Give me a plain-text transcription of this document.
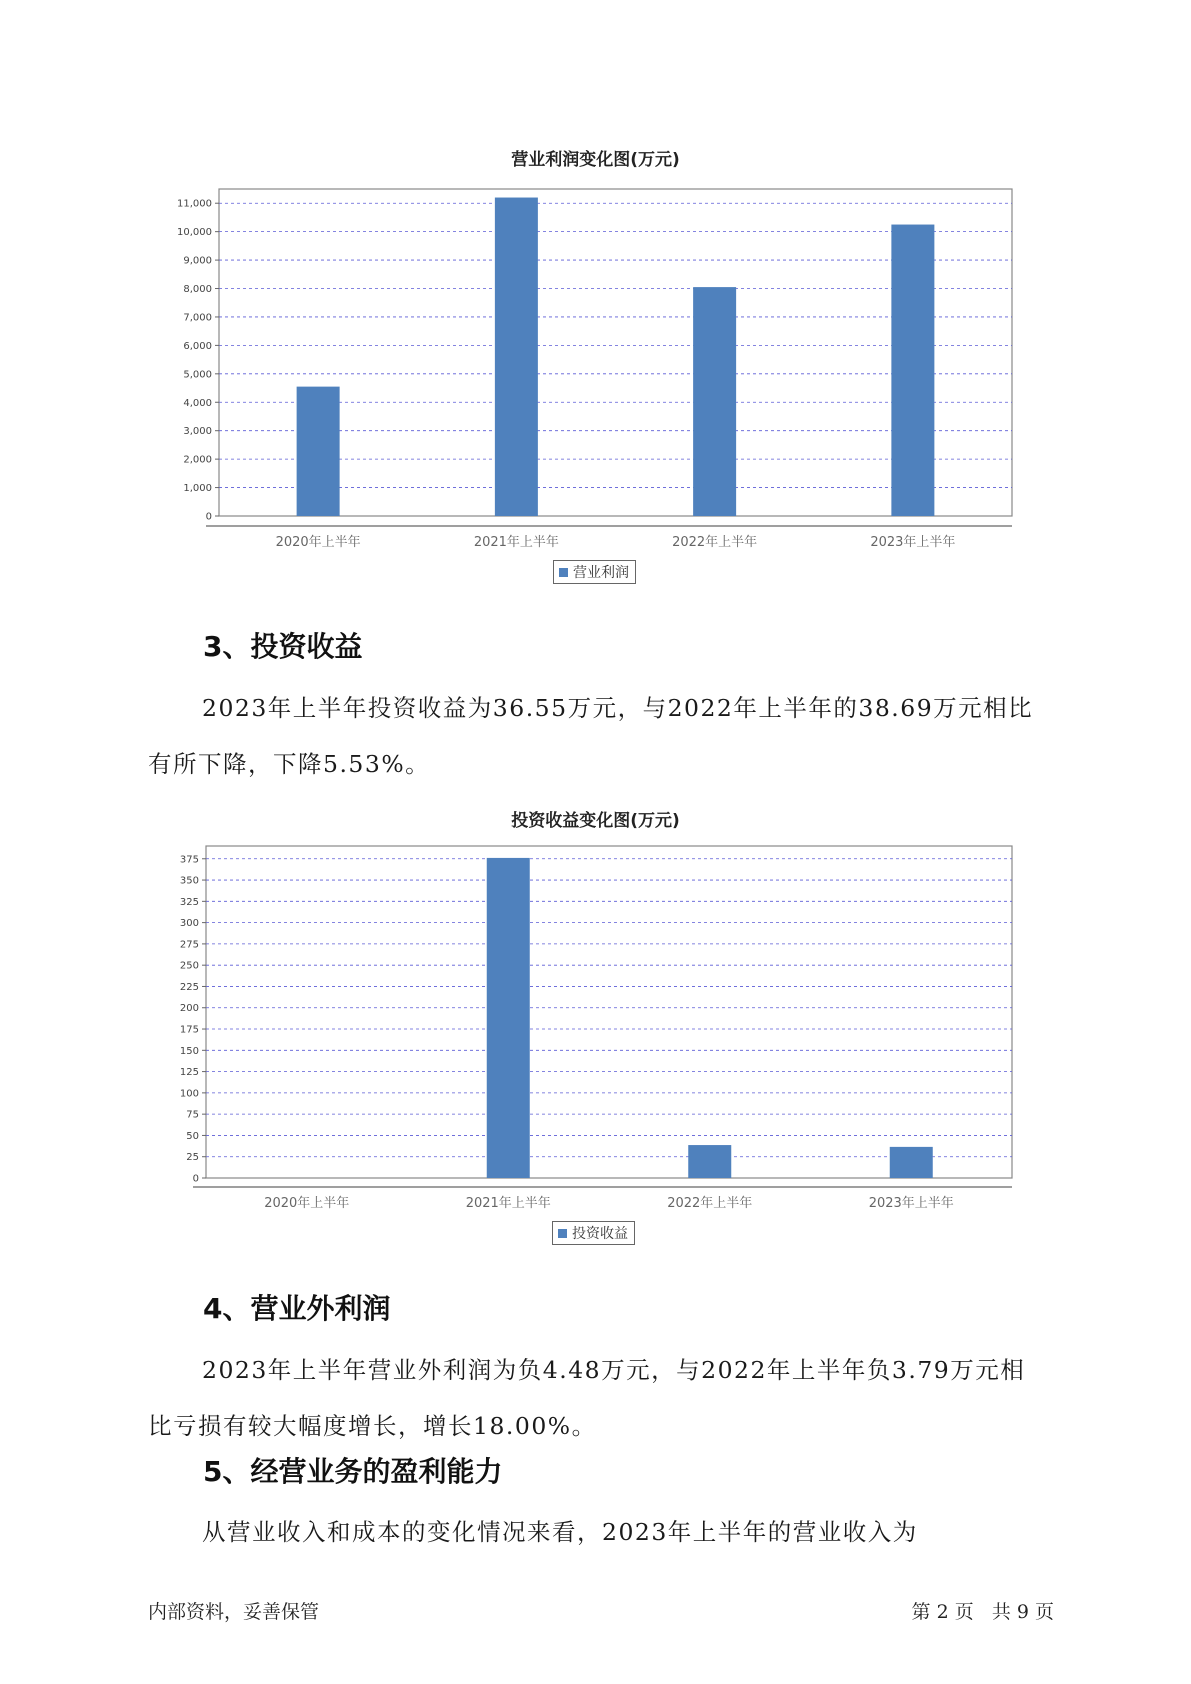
营业利润变化图(万元)
0
1,000
2,000
3,000
4,000
5,000
6,000
7,000
8,000
9,000
10,000
11,000
2020年上半年	2021年上半年	2022年上半年	2023年上半年
营业利润
3、投资收益

2023年上半年投资收益为36.55万元，与2022年上半年的38.69万元相比有所下降，下降5.53%。

投资收益变化图(万元)
0
25
50
75
100
125
150
175
200
225
250
275
300
325
350
375
2020年上半年	2021年上半年	2022年上半年	2023年上半年
投资收益
4、营业外利润

2023年上半年营业外利润为负4.48万元，与2022年上半年负3.79万元相比亏损有较大幅度增长，增长18.00%。

5、经营业务的盈利能力

从营业收入和成本的变化情况来看，2023年上半年的营业收入为

内部资料，妥善保管	第 2 页   共 9 页
